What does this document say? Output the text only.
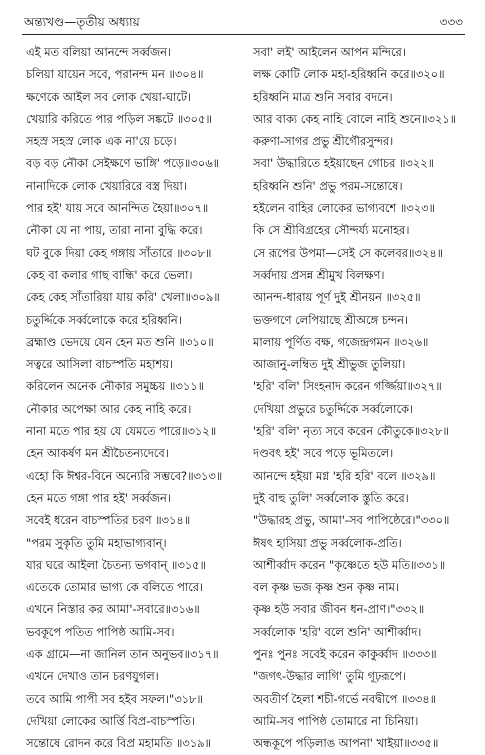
অন্ত্যখণ্ড—তৃতীয় অধ্যায়	৩৩৩
এই মত বলিয়া আনন্দে সর্ব্বজন।
চলিয়া যায়েন সবে, পরানন্দ মন ॥৩০৪॥
ক্ষণেকে আইল সব লোক খেয়া-ঘাটে।
খেয়ারি করিতে পার পড়িল সঙ্কটে ॥৩০৫॥
সহস্র সহস্র লোক এক না'য়ে চড়ে।
বড় বড় নৌকা সেইক্ষণে ভাঙ্গি' পড়ে॥৩০৬॥
নানাদিকে লোক খেয়ারিরে বস্ত্র দিয়া।
পার হই' যায় সবে আনন্দিত হৈয়া॥৩০৭॥
নৌকা যে না পায়, তারা নানা বুদ্ধি করে।
ঘট বুকে দিয়া কেহ গঙ্গায় সাঁতারে ॥৩০৮॥
কেহ বা কলার গাছ বান্ধি' করে ভেলা।
কেহ কেহ সাঁতারিয়া যায় করি' খেলা॥৩০৯॥
চতুর্দ্দিকে সর্ব্বলোকে করে হরিধ্বনি।
ব্রহ্মাণ্ড ভেদয়ে যেন হেন মত শুনি ॥৩১০॥
সত্বরে আসিলা বাচস্পতি মহাশয়।
করিলেন অনেক নৌকার সমুচ্চয় ॥৩১১॥
নৌকার অপেক্ষা আর কেহ নাহি করে।
নানা মতে পার হয় যে যেমতে পারে॥৩১২॥
হেন আকর্ষণ মন শ্রীচৈতন্যদেবে।
এহো কি ঈশ্বর-বিনে অন্যেরি সম্ভবে?॥৩১৩॥
হেন মতে গঙ্গা পার হই' সর্ব্বজন।
সবেই ধরেন বাচস্পতির চরণ ॥৩১৪॥
"পরম সুকৃতি তুমি মহাভাগ্যবান্।
যার ঘরে আইলা চৈতন্য ভগবান্ ॥৩১৫॥
এতেকে তোমার ভাগ্য কে বলিতে পারে।
এখনে নিস্তার কর আমা'-সবারে॥৩১৬॥
ভবকূপে পতিত পাপিষ্ঠ আমি-সব।
এক গ্রামে—না জানিল তান অনুভব॥৩১৭॥
এখনে দেখাও তান চরণযুগল।
তবে আমি পাপী সব হইব সফল।"৩১৮॥
দেখিয়া লোকের আর্ত্তি বিপ্র-বাচস্পতি।
সন্তোষে রোদন করে বিপ্র মহামতি ॥৩১৯॥
সবা' লই' আইলেন আপন মন্দিরে।
লক্ষ কোটি লোক মহা-হরিধ্বনি করে॥৩২০॥
হরিধ্বনি মাত্র শুনি সবার বদনে।
আর বাক্য কেহ নাহি বোলে নাহি শুনে॥৩২১॥
করুণা-সাগর প্রভু শ্রীগৌরসুন্দর।
সবা' উদ্ধারিতে হইয়াছেন গোচর ॥৩২২॥
হরিধ্বনি শুনি' প্রভু পরম-সন্তোষে।
হইলেন বাহির লোকের ভাগ্যবশে ॥৩২৩॥
কি সে শ্রীবিগ্রহের সৌন্দর্য্য মনোহর।
সে রূপের উপমা—সেই সে কলেবর॥৩২৪॥
সর্ব্বদায় প্রসন্ন শ্রীমুখ বিলক্ষণ।
আনন্দ-ধারায় পূর্ণ দুই শ্রীনয়ন ॥৩২৫॥
ভক্তগণে লেপিয়াছে শ্রীঅঙ্গে চন্দন।
মালায় পূর্ণিত বক্ষ, গজেন্দ্রগমন ॥৩২৬॥
আজানু-লম্বিত দুই শ্রীভুজ তুলিয়া।
'হরি' বলি' সিংহনাদ করেন গর্জ্জিয়া॥৩২৭॥
দেখিয়া প্রভুরে চতুর্দ্দিকে সর্ব্বলোকে।
'হরি' বলি' নৃত্য সবে করেন কৌতুকে॥৩২৮॥
দণ্ডবৎ হই' সবে পড়ে ভূমিতলে।
আনন্দে হইয়া মগ্ন 'হরি হরি' বলে ॥৩২৯॥
দুই বাহু তুলি' সর্ব্বলোক স্তুতি করে।
"উদ্ধারহ প্রভু, আমা'-সব পাপিষ্ঠেরে।"৩৩০॥
ঈষৎ হাসিয়া প্রভু সর্ব্বলোক-প্রতি।
আশীর্ব্বাদ করেন "কৃষ্ণেতে হউ মতি॥৩৩১॥
বল কৃষ্ণ ভজ কৃষ্ণ শুন কৃষ্ণ নাম।
কৃষ্ণ হউ সবার জীবন ধন-প্রাণ।"৩৩২॥
সর্ব্বলোক 'হরি' বলে শুনি' আশীর্ব্বাদ।
পুনঃ পুনঃ সবেই করেন কাকুর্ব্বাদ ॥৩৩৩॥
"জগৎ-উদ্ধার লাগি' তুমি গূঢ়রূপে।
অবতীর্ণ হৈলা শচী-গর্ভে নবদ্বীপে ॥৩৩৪॥
আমি-সব পাপিষ্ঠ তোমারে না চিনিয়া।
অন্ধকূপে পড়িলাঙ আপনা' খাইয়া॥৩৩৫॥
